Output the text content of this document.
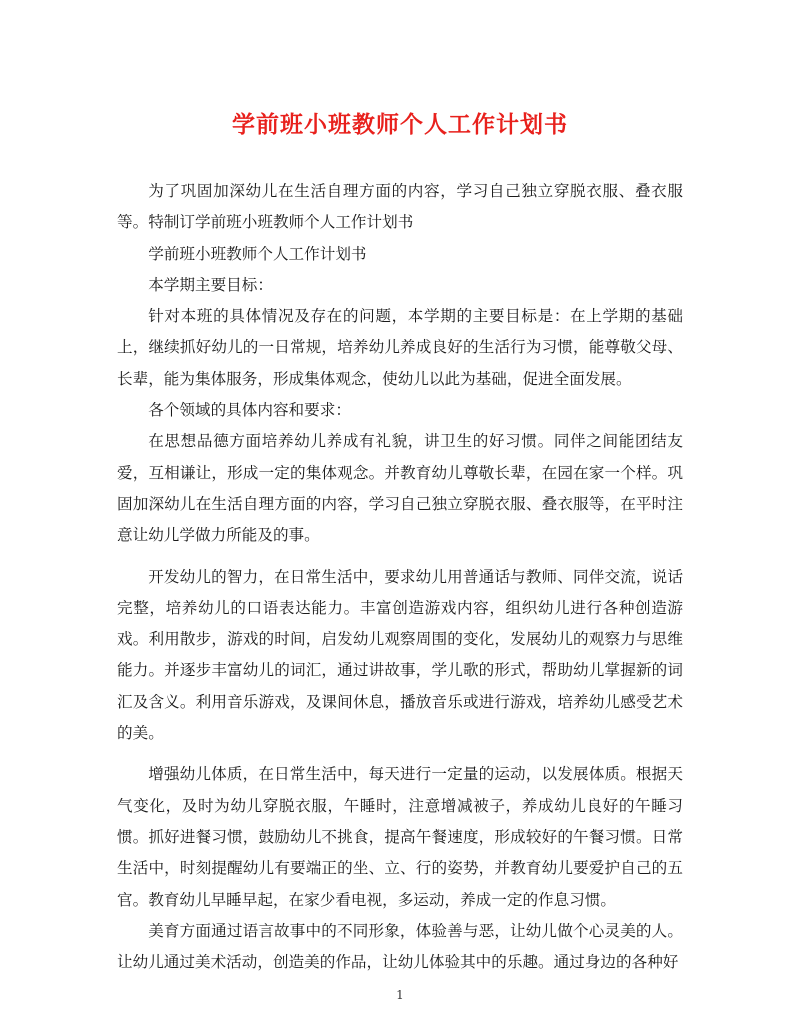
学前班小班教师个人工作计划书

为了巩固加深幼儿在生活自理方面的内容，学习自己独立穿脱衣服、叠衣服等。特制订学前班小班教师个人工作计划书

学前班小班教师个人工作计划书

本学期主要目标：

针对本班的具体情况及存在的问题，本学期的主要目标是：在上学期的基础上，继续抓好幼儿的一日常规，培养幼儿养成良好的生活行为习惯，能尊敬父母、长辈，能为集体服务，形成集体观念，使幼儿以此为基础，促进全面发展。

各个领域的具体内容和要求：

在思想品德方面培养幼儿养成有礼貌，讲卫生的好习惯。同伴之间能团结友爱，互相谦让，形成一定的集体观念。并教育幼儿尊敬长辈，在园在家一个样。巩固加深幼儿在生活自理方面的内容，学习自己独立穿脱衣服、叠衣服等，在平时注意让幼儿学做力所能及的事。

开发幼儿的智力，在日常生活中，要求幼儿用普通话与教师、同伴交流，说话完整，培养幼儿的口语表达能力。丰富创造游戏内容，组织幼儿进行各种创造游戏。利用散步，游戏的时间，启发幼儿观察周围的变化，发展幼儿的观察力与思维能力。并逐步丰富幼儿的词汇，通过讲故事，学儿歌的形式，帮助幼儿掌握新的词汇及含义。利用音乐游戏，及课间休息，播放音乐或进行游戏，培养幼儿感受艺术的美。

增强幼儿体质，在日常生活中，每天进行一定量的运动，以发展体质。根据天气变化，及时为幼儿穿脱衣服，午睡时，注意增减被子，养成幼儿良好的午睡习惯。抓好进餐习惯，鼓励幼儿不挑食，提高午餐速度，形成较好的午餐习惯。日常生活中，时刻提醒幼儿有要端正的坐、立、行的姿势，并教育幼儿要爱护自己的五官。教育幼儿早睡早起，在家少看电视，多运动，养成一定的作息习惯。

美育方面通过语言故事中的不同形象，体验善与恶，让幼儿做个心灵美的人。让幼儿通过美术活动，创造美的作品，让幼儿体验其中的乐趣。通过身边的各种好

1
